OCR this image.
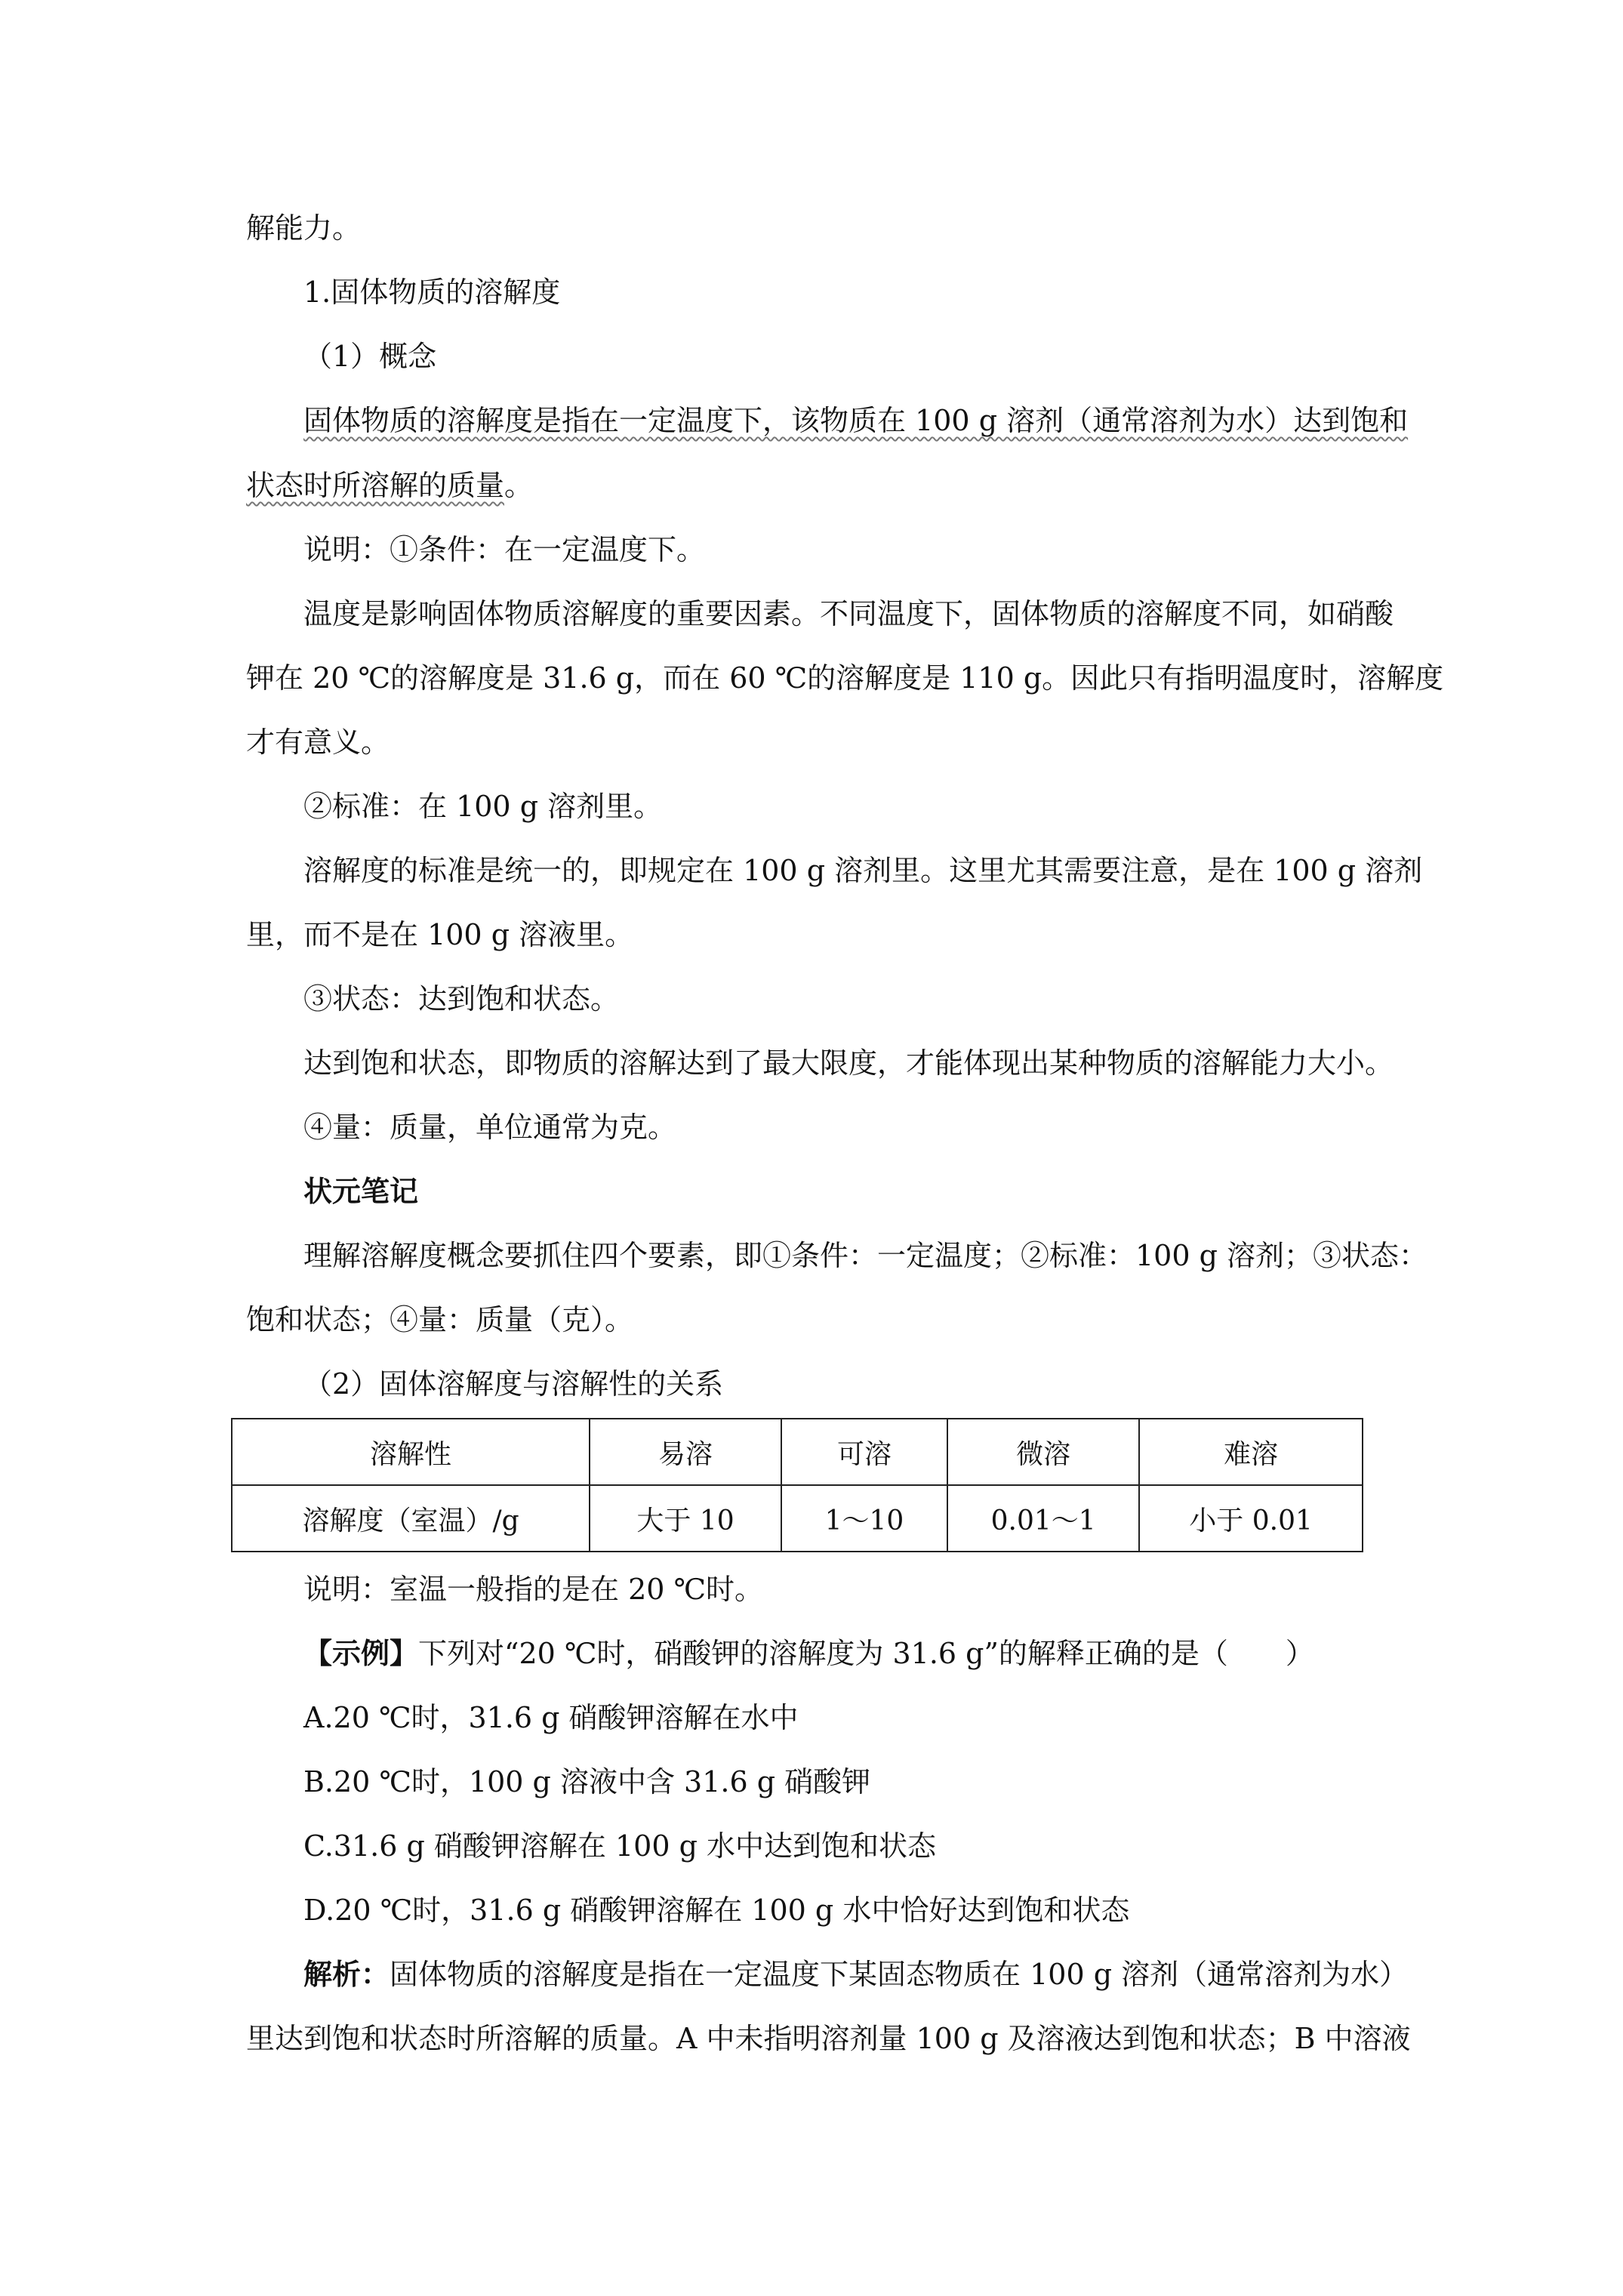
解能力。
1.固体物质的溶解度
（1）概念
固体物质的溶解度是指在一定温度下，该物质在 100 g 溶剂（通常溶剂为水）达到饱和
状态时所溶解的质量。
说明：①条件：在一定温度下。
温度是影响固体物质溶解度的重要因素。不同温度下，固体物质的溶解度不同，如硝酸
钾在 20 ℃的溶解度是 31.6 g，而在 60 ℃的溶解度是 110 g。因此只有指明温度时，溶解度
才有意义。
②标准：在 100 g 溶剂里。
溶解度的标准是统一的，即规定在 100 g 溶剂里。这里尤其需要注意，是在 100 g 溶剂
里，而不是在 100 g 溶液里。
③状态：达到饱和状态。
达到饱和状态，即物质的溶解达到了最大限度，才能体现出某种物质的溶解能力大小。
④量：质量，单位通常为克。
状元笔记
理解溶解度概念要抓住四个要素，即①条件：一定温度；②标准：100 g 溶剂；③状态：
饱和状态；④量：质量（克）。
（2）固体溶解度与溶解性的关系
溶解性	易溶	可溶	微溶	难溶
溶解度（室温）/g	大于 10	1～10	0.01～1	小于 0.01
说明：室温一般指的是在 20 ℃时。
【示例】下列对“20 ℃时，硝酸钾的溶解度为 31.6 g”的解释正确的是（　　）
A.20 ℃时，31.6 g 硝酸钾溶解在水中
B.20 ℃时，100 g 溶液中含 31.6 g 硝酸钾
C.31.6 g 硝酸钾溶解在 100 g 水中达到饱和状态
D.20 ℃时，31.6 g 硝酸钾溶解在 100 g 水中恰好达到饱和状态
解析：固体物质的溶解度是指在一定温度下某固态物质在 100 g 溶剂（通常溶剂为水）
里达到饱和状态时所溶解的质量。A 中未指明溶剂量 100 g 及溶液达到饱和状态；B 中溶液
